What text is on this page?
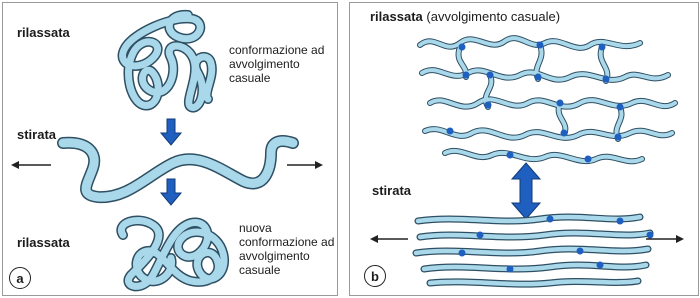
rilassata
conformazione ad
avvolgimento
casuale
stirata
rilassata
nuova
conformazione ad
avvolgimento
casuale
a
rilassata (avvolgimento casuale)
stirata
b
